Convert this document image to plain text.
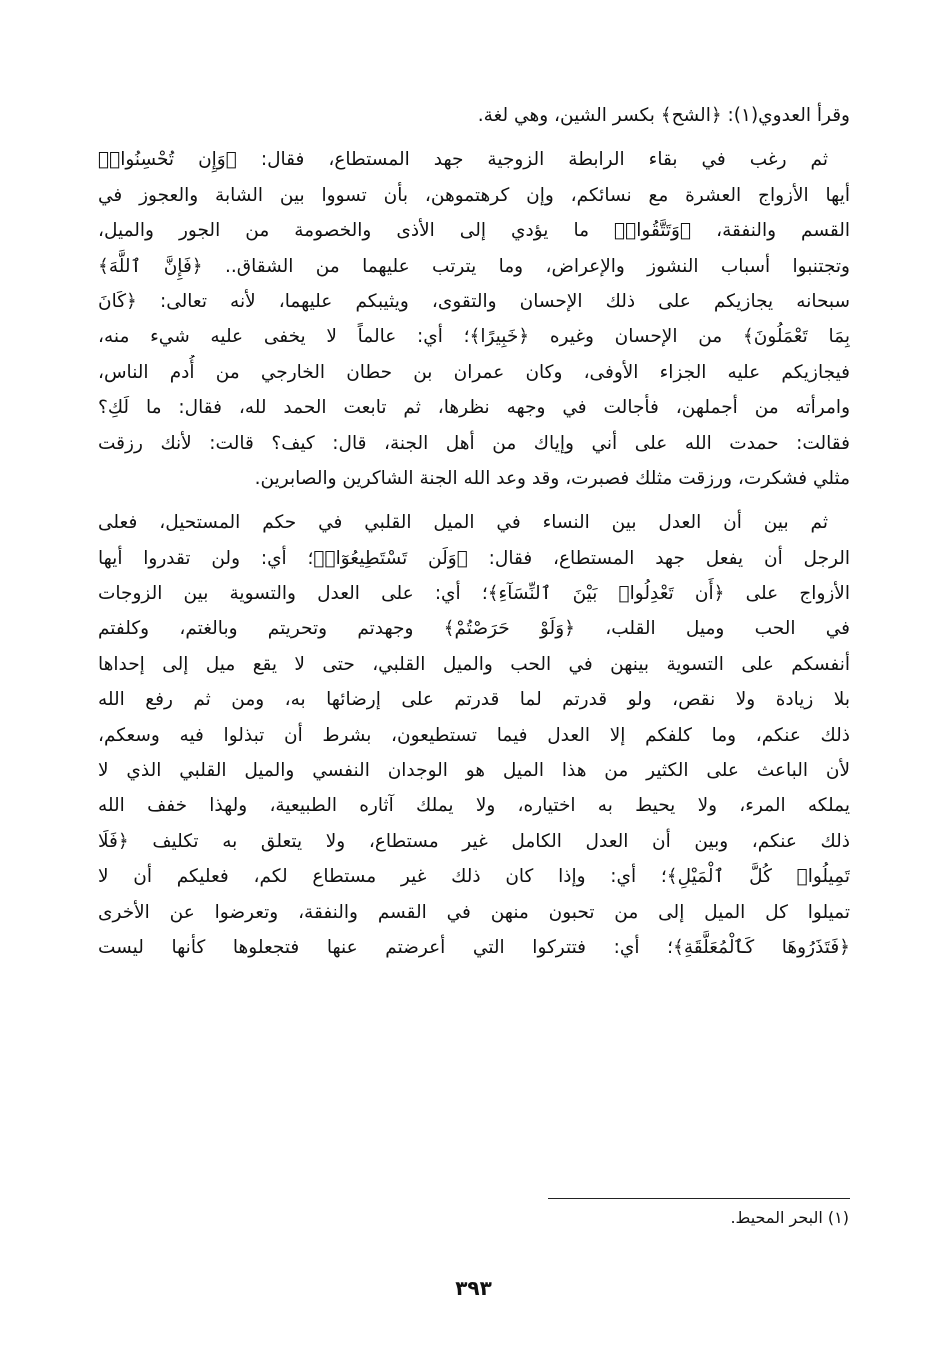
وقرأ العدوي(١): ﴿الشح﴾ بكسر الشين، وهي لغة.
ثم رغب في بقاء الرابطة الزوجية جهد المستطاع، فقال: ﴿وَإِن تُحْسِنُوا۟﴾
أيها الأزواج العشرة مع نسائكم، وإن كرهتموهن، بأن تسووا بين الشابة والعجوز في
القسم والنفقة، ﴿وَتَتَّقُوا۟﴾ ما يؤدي إلى الأذى والخصومة من الجور والميل،
وتجتنبوا أسباب النشوز والإعراض، وما يترتب عليهما من الشقاق.. ﴿فَإِنَّ ٱللَّهَ﴾
سبحانه يجازيكم على ذلك الإحسان والتقوى، ويثيبكم عليهما، لأنه تعالى: ﴿كَانَ
بِمَا تَعْمَلُونَ﴾ من الإحسان وغيره ﴿خَبِيرًا﴾؛ أي: عالماً لا يخفى عليه شيء منه،
فيجازيكم عليه الجزاء الأوفى، وكان عمران بن حطان الخارجي من أُدم الناس،
وامرأته من أجملهن، فأجالت في وجهه نظرها، ثم تابعت الحمد لله، فقال: ما لَكِ؟
فقالت: حمدت الله على أني وإياك من أهل الجنة، قال: كيف؟ قالت: لأنك رزقت
مثلي فشكرت، ورزقت مثلك فصبرت، وقد وعد الله الجنة الشاكرين والصابرين.
ثم بين أن العدل بين النساء في الميل القلبي في حكم المستحيل، فعلى
الرجل أن يفعل جهد المستطاع، فقال: ﴿وَلَن تَسْتَطِيعُوٓا۟﴾؛ أي: ولن تقدروا أيها
الأزواج على ﴿أَن تَعْدِلُوا۟ بَيْنَ ٱلنِّسَآءِ﴾؛ أي: على العدل والتسوية بين الزوجات
في الحب وميل القلب، ﴿وَلَوْ حَرَصْتُمْ﴾ وجهدتم وتحريتم وبالغتم، وكلفتم
أنفسكم على التسوية بينهن في الحب والميل القلبي، حتى لا يقع ميل إلى إحداها
بلا زيادة ولا نقص، ولو قدرتم لما قدرتم على إرضائها به، ومن ثم رفع الله
ذلك عنكم، وما كلفكم إلا العدل فيما تستطيعون، بشرط أن تبذلوا فيه وسعكم،
لأن الباعث على الكثير من هذا الميل هو الوجدان النفسي والميل القلبي الذي لا
يملكه المرء، ولا يحيط به اختياره، ولا يملك آثاره الطبيعية، ولهذا خفف الله
ذلك عنكم، وبين أن العدل الكامل غير مستطاع، ولا يتعلق به تكليف ﴿فَلَا
تَمِيلُوا۟ كُلَّ ٱلْمَيْلِ﴾؛ أي: وإذا كان ذلك غير مستطاع لكم، فعليكم أن لا
تميلوا كل الميل إلى من تحبون منهن في القسم والنفقة، وتعرضوا عن الأخرى
﴿فَتَذَرُوهَا كَٱلْمُعَلَّقَةِ﴾؛ أي: فتتركوا التي أعرضتم عنها فتجعلوها كأنها ليست
(١) البحر المحيط.
٣٩٣
